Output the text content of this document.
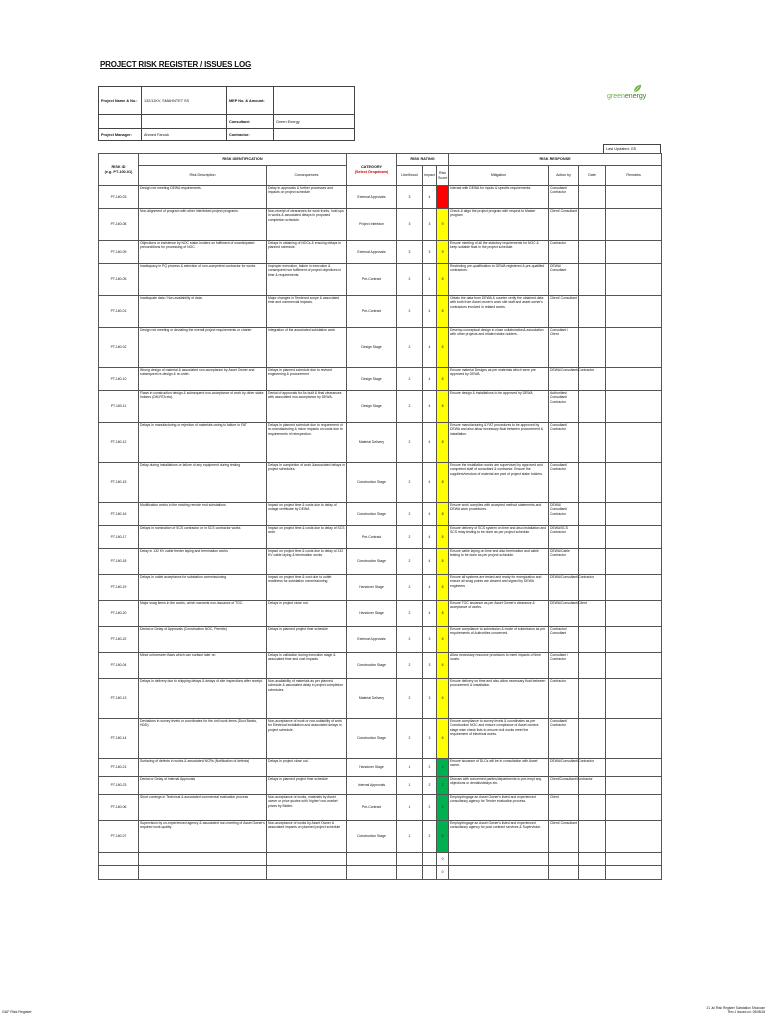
PROJECT RISK REGISTER / ISSUES LOG
Project Name & No.:	132/11KV, SMAHNTET SS	MEP No. & Amount:	
		Consultant:	Green Energy
Project Manager:	Ahmed Farouk	Contractor:	
greenenergy
Last Updated: GS
RISK ID
(e.g. PT-100-01)	RISK IDENTIFICATION		CATEGORY
(Select Dropdown)	RISK RATING			RISK RESPONSE			
	Risk Description	Consequences		Likelihood	Impact	Risk Score	Mitigation	Action by	Date	Remarks
PT-160-03	Design not meeting DEWA requirements.	Delay in approvals & further processes and impacts on project schedule	External Approvals	3	4		Interact with DEWA for inputs & specific requirements.	Consultant/ Contractor		
PT-160-08	Non-alignment of program with other interlinked project programs.	Non-receipt of clearances for work fronts, hold ups in works & associated delays in proposed completion schedule.	Project Interface	3	3	9	Check & align the project program with respect to Master program	Client/ Consultant		
PT-160-09	Objections or insistence by NOC stake-holders on fulfilment of unanticipated preconditions for processing of NOC.	Delays in obtaining of NOCs & ensuing delays in planned schedule.	External Approvals	3	3	9	Ensure meeting of all the statutory requirements for NOC & keep suitable float in the project schedule.	Contractor		
PT-160-05	Inadequacy in PQ process & selection of non-competent contractor for works	Improper execution, failure in execution & consequent non fulfilment of project objectives in time & requirements.	Pre-Contract	2	4	8	Restricting pre-qualification to DEWA registered & pre-qualified contractors.	DEWA/ Consultant		
PT-160-01	Inadequate data / Non-availability of data.	Major changes in Tendered scope & associated time and commercial impacts.	Pre-Contract	2	4	8	Obtain the data from DEWA & counter verify the obtained data with both from Asset owner's work site staff and asset owner's contractors involved in related works.	Client/ Consultant		
PT-160-02	Design not meeting or deviating the overall project requirements or charter	Integration of the associated substation work	Design Stage	2	4	8	Develop conceptual design in close collaboration& association with other projects and related stake-holders.	Consultant / Client		
PT-160-10	Wrong design of material & associated non-acceptance by Asset Owner and subsequent re-design & re-order.	Delays in planned schedule due to revised engineering & procurement	Design Stage	2	4	8	Ensure material Designs as per materials which were pre approved by DEWA	DEWA/Consultant/Contractor		
PT-160-11	Flaws in construction design & subsequent non-acceptance of work by other stake holders (DM,RTA etc).	Denial of approvals for As built & final clearances with associated non-acceptance by DEWA.	Design Stage	2	4	8	Ensure design & installations to be approved by DEWA	Authorities/ Consultant/ Contractor		
PT-160-12	Delays in manufacturing or rejection of materials owing to failure in FAT	Delays in planned schedule due to requirement of re-manufacturing & minor impacts on costs due to requirements of reinspection.	Material Delivery	2	4	8	Ensure manufacturing & FAT procedures to be approved by DEWA and also allow necessary float between procurement & installation.	Consultant/ Contractor		
PT-160-15	Delay during installations or failure of any equipment during testing	Delays in completion of work &associated delays in project schedules.	Construction Stage	2	4	8	Ensure the installation works are supervised by approved and competent staff of consultant & contractor. Ensure the suppliers/vendors of material are part of project stake holders.	Consultant/ Contractor		
PT-160-16	Modification works in the existing remote end substations.	Impact on project time & costs due to delay of outage certificate by DEWA	Construction Stage	2	4	8	Ensure work complies with accepted method statements and DEWA work procedures.	DEWA/ Consultant/ Contractor		
PT-160-17	Delays in nomination of SCS contractor or in SCS contractor works	Impact on project time & costs due to delay of SCS work	Pre-Contract	2	4	8	Ensure delivery of SCS system on time and also installation and SCS relay testing to be done as per project schedule.	DEWA/SCS Contractor		
PT-160-18	Delay in 132 KV cable feeder laying and termination works	Impact on project time & costs due to delay of 132 KV cable laying & termination works	Construction Stage	2	4	8	Ensure cable laying on time and also termination and cable testing to be done as per project schedule.	DEWA/Cable Contractor		
PT-160-19	Delays in outlet acceptance for substation commissioning	Impact on project time & cost due to outlet readiness for substation commissioning	Handover Stage	2	4	8	Ensure all systems are tested and ready for energization and ensure all snag points are cleared and signed by DEWA engineers	DEWA/Consultant/Contractor		
PT-160-20	Major snag items in the works, which warrants non-issuance of TOC.	Delays in project close out.	Handover Stage	2	4	8	Ensure TOC issuance as per Asset Owner's clearance & acceptance of works.	DEWA/Consultant/Client		
PT-160-22	Denial or Delay of Approvals (Construction NOC, Permits)	Delays in planned project time schedule	External Approvals	2	3	6	Ensure compliance to submission & mode of submission as per requirements of Authorities concerned.	Contractor/ Consultant		
PT-160-04	Minor unforeseen flaws which can surface later on	Delays in validation during execution stage & associated time and cost impacts	Construction Stage	2	3	6	Allow necessary resource provisions to meet impacts of time /costs.	Consultant / Contractor		
PT-160-13	Delays in delivery due to shipping delays & delays of site inspections after receipt.	Non-availability of materials as per planned schedule & associated delay in project completion schedules.	Material Delivery	2	3	6	Ensure delivery on time and also allow necessary float between procurement & installation.	Contractor		
PT-160-14	Deviations in survey levels or coordinates for the civil work items (Duct Banks, HDD).	Non-acceptance of work or non-suitability of work for Electrical installation and associated delays in project schedule.	Construction Stage	2	3	6	Ensure compliance to survey levels & coordinates as per Construction NOC and ensure compliance of Asset owners stage wise check lists to ensure civil works meet the requirement of electrical works.	Consultant/ Contractor		
PT-160-21	Surfacing of defects in works & associated NCRs (Notification of defects)	Delays in project close out.	Handover Stage	1	2	2	Ensure issuance of DLCs will be in consultation with Asset owner.	DEWA/Consultant/Contractor		
PT-160-23	Denial or Delay of Internal Approvals	Delays in planned project time schedule	Internal Approvals	1	2	2	Discuss with concerned parties/departments to pre-empt any objections or denials/delays etc.	Client/Consultant/Contractor		
PT-160-06	Short comings in Technical & associated commercial evaluation process	Non-acceptance of works, materials by Asset owner or price quotes with 'higher/ non-market prices by Bidder.	Pre-Contract	1	2	2	Employ/engage an Asset Owner's listed and experienced consultancy agency for Tender evaluation process.	Client		
PT-160-07	Supervision by un-experienced agency & associated non-meeting of Asset Owner's required work quality.	Non-acceptance of works by Asset Owner & associated impacts on planned project schedule	Construction Stage	1	2	2	Employ/engage an Asset Owner's listed and experienced consultancy agency for post contract services & Supervision.	Client/ Consultant		
						0				
						0				
G&F Risk Register
21 Jul Risk Register Substation Shulouse
Rev.1 Issued on: 05/08/18
